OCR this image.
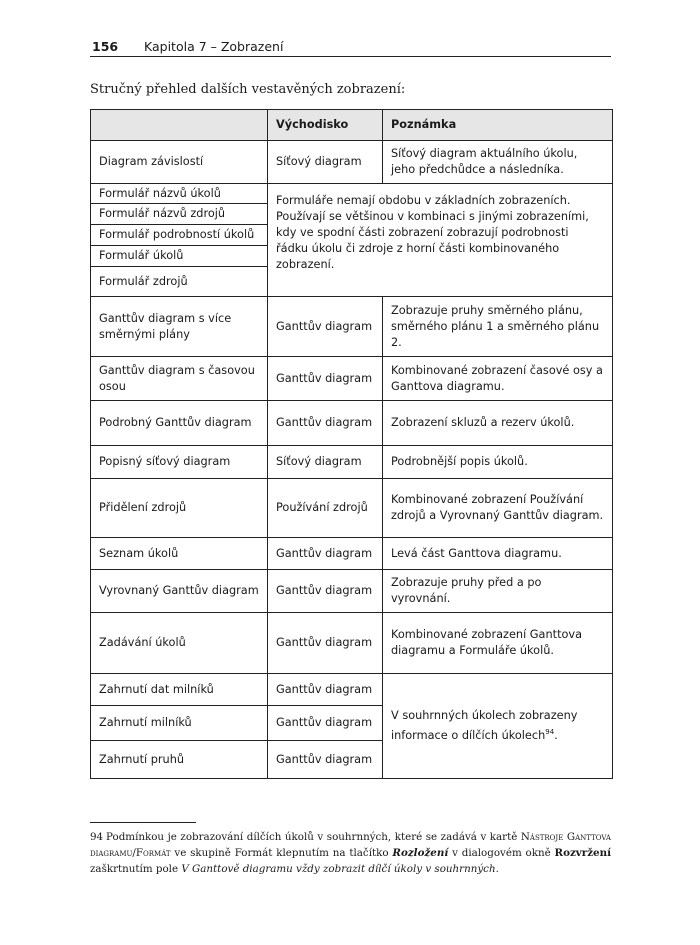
156 Kapitola 7 – Zobrazení
Stručný přehled dalších vestavěných zobrazení:
	Východisko	Poznámka
Diagram závislostí	Síťový diagram	Síťový diagram aktuálního úkolu, jeho předchůdce a následníka.
Formulář názvů úkolů	Formuláře nemají obdobu v základních zobrazeních. Používají se většinou v kombinaci s jinými zobrazeními, kdy ve spodní části zobrazení zobrazují podrobnosti řádku úkolu či zdroje z horní části kombinovaného zobrazení.	
Formulář názvů zdrojů		
Formulář podrobností úkolů		
Formulář úkolů		
Formulář zdrojů		
Ganttův diagram s více směrnými plány	Ganttův diagram	Zobrazuje pruhy směrného plánu, směrného plánu 1 a směrného plánu 2.
Ganttův diagram s časovou osou	Ganttův diagram	Kombinované zobrazení časové osy a Ganttova diagramu.
Podrobný Ganttův diagram	Ganttův diagram	Zobrazení skluzů a rezerv úkolů.
Popisný síťový diagram	Síťový diagram	Podrobnější popis úkolů.
Přidělení zdrojů	Používání zdrojů	Kombinované zobrazení Používání zdrojů a Vyrovnaný Ganttův diagram.
Seznam úkolů	Ganttův diagram	Levá část Ganttova diagramu.
Vyrovnaný Ganttův diagram	Ganttův diagram	Zobrazuje pruhy před a po vyrovnání.
Zadávání úkolů	Ganttův diagram	Kombinované zobrazení Ganttova diagramu a Formuláře úkolů.
Zahrnutí dat milníků	Ganttův diagram	V souhrnných úkolech zobrazeny informace o dílčích úkolech$^{94}$.
Zahrnutí milníků	Ganttův diagram	
Zahrnutí pruhů	Ganttův diagram	
94 Podmínkou je zobrazování dílčích úkolů v souhrnných, které se zadává v kartě Nástroje Ganttova diagramu/Formát ve skupině Formát klepnutím na tlačítko Rozložení v dialogovém okně Rozvržení zaškrtnutím pole V Ganttově diagramu vždy zobrazit dílčí úkoly v souhrnných.
